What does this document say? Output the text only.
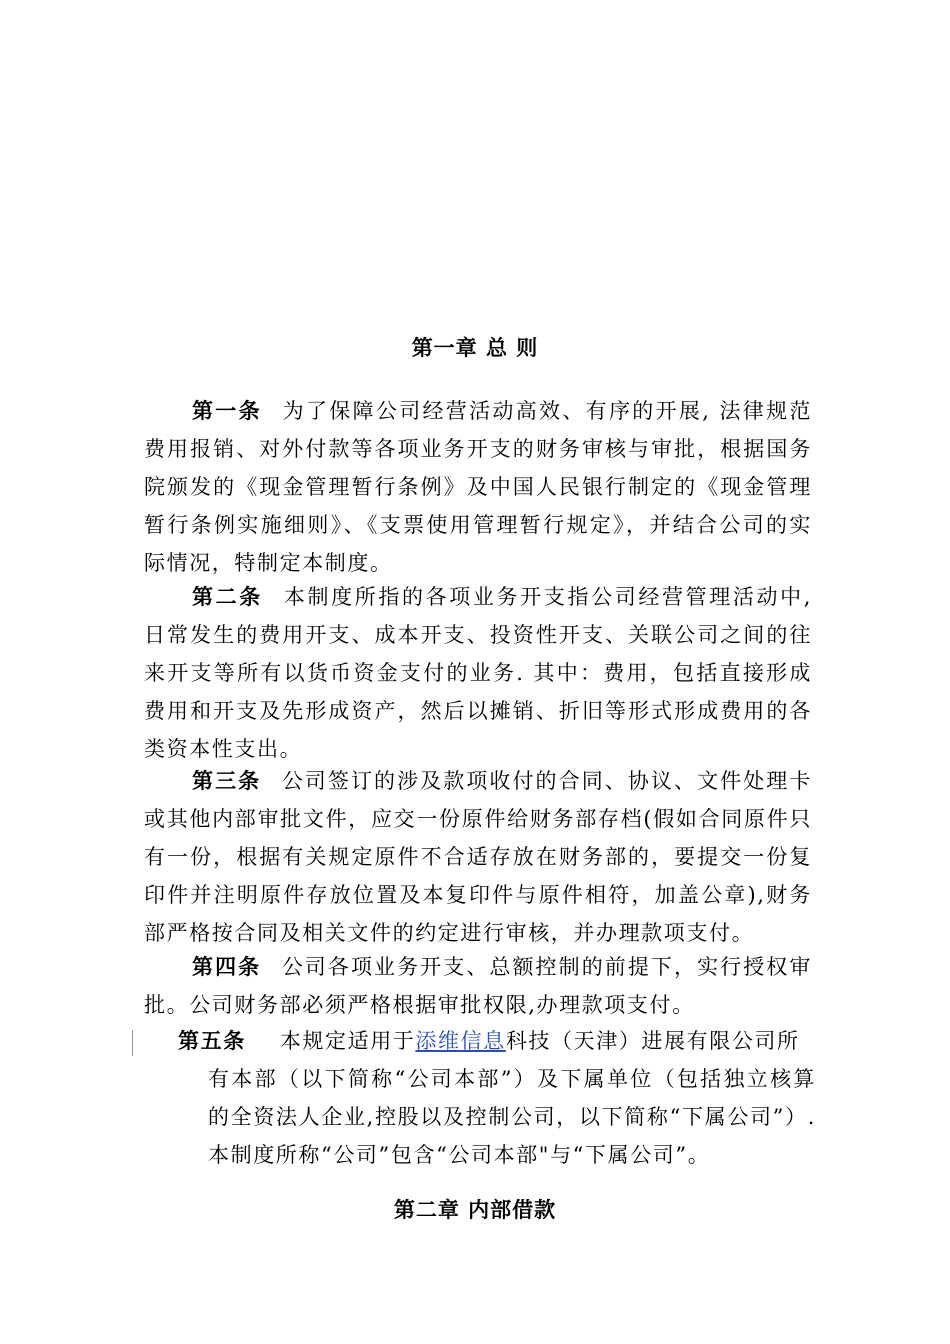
第一章 总 则

第一条 为了保障公司经营活动高效、有序的开展, 法律规范费用报销、对外付款等各项业务开支的财务审核与审批，根据国务院颁发的《现金管理暂行条例》及中国人民银行制定的《现金管理暂行条例实施细则》、《支票使用管理暂行规定》，并结合公司的实际情况，特制定本制度。

第二条 本制度所指的各项业务开支指公司经营管理活动中, 日常发生的费用开支、成本开支、投资性开支、关联公司之间的往来开支等所有以货币资金支付的业务. 其中：费用，包括直接形成费用和开支及先形成资产，然后以摊销、折旧等形式形成费用的各类资本性支出。

第三条 公司签订的涉及款项收付的合同、协议、文件处理卡或其他内部审批文件，应交一份原件给财务部存档(假如合同原件只有一份，根据有关规定原件不合适存放在财务部的，要提交一份复印件并注明原件存放位置及本复印件与原件相符，加盖公章),财务部严格按合同及相关文件的约定进行审核，并办理款项支付。

第四条 公司各项业务开支、总额控制的前提下，实行授权审批。公司财务部必须严格根据审批权限,办理款项支付。

第五条 本规定适用于添维信息科技（天津）进展有限公司所
有本部（以下简称“公司本部”）及下属单位（包括独立核算的全资法人企业,控股以及控制公司，以下简称“下属公司”）.本制度所称“公司”包含“公司本部"与“下属公司”。
第二章 内部借款
